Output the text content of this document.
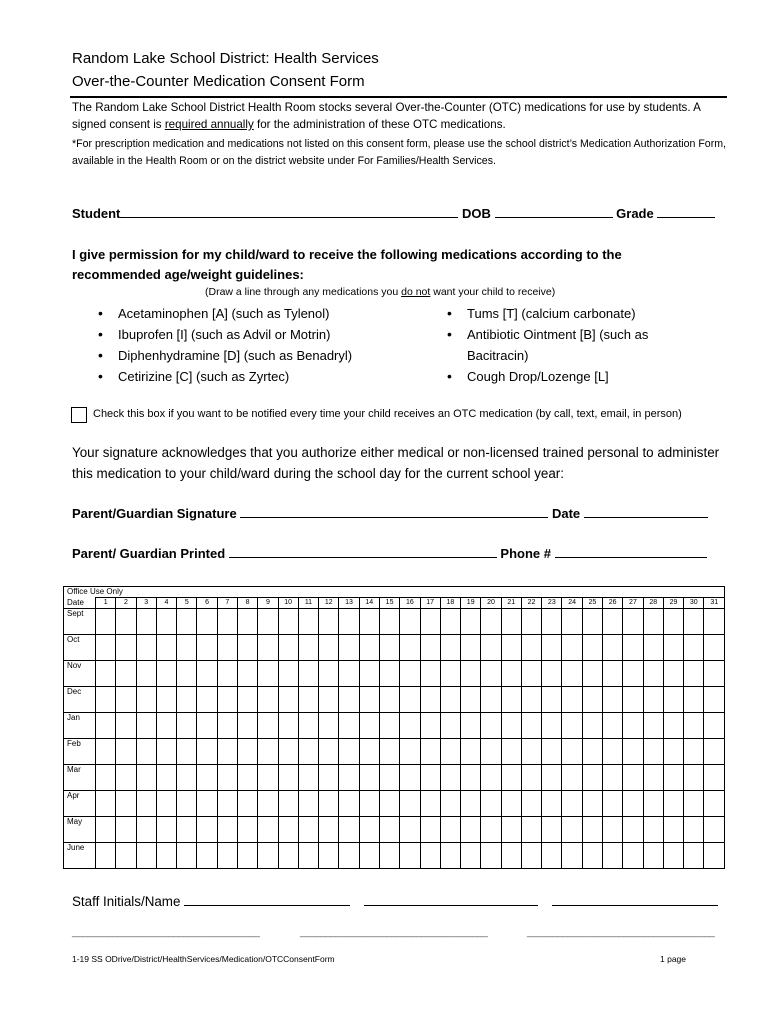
Random Lake School District: Health Services
Over-the-Counter Medication Consent Form
The Random Lake School District Health Room stocks several Over-the-Counter (OTC) medications for use by students. A signed consent is required annually for the administration of these OTC medications.
*For prescription medication and medications not listed on this consent form, please use the school district’s Medication Authorization Form, available in the Health Room or on the district website under For Families/Health Services.
Student	DOB	Grade
I give permission for my child/ward to receive the following medications according to the recommended age/weight guidelines:
(Draw a line through any medications you do not want your child to receive)
• Acetaminophen [A] (such as Tylenol)
• Ibuprofen [I] (such as Advil or Motrin)
• Diphenhydramine [D] (such as Benadryl)
• Cetirizine [C] (such as Zyrtec)
• Tums [T] (calcium carbonate)
• Antibiotic Ointment [B] (such as Bacitracin)
• Cough Drop/Lozenge [L]
Check this box if you want to be notified every time your child receives an OTC medication (by call, text, email, in person)
Your signature acknowledges that you authorize either medical or non-licensed trained personal to administer this medication to your child/ward during the school day for the current school year:
Parent/Guardian Signature	Date
Parent/ Guardian Printed	Phone #
Office Use Only																															
Date	1	2	3	4	5	6	7	8	9	10	11	12	13	14	15	16	17	18	19	20	21	22	23	24	25	26	27	28	29	30	31
Sept																															
Oct																															
Nov																															
Dec																															
Jan																															
Feb																															
Mar																															
Apr																															
May																															
June																															
Staff Initials/Name
_____________________________________	_____________________________________	_____________________________________
1-19 SS ODrive/District/HealthServices/Medication/OTCConsentForm	1 page
